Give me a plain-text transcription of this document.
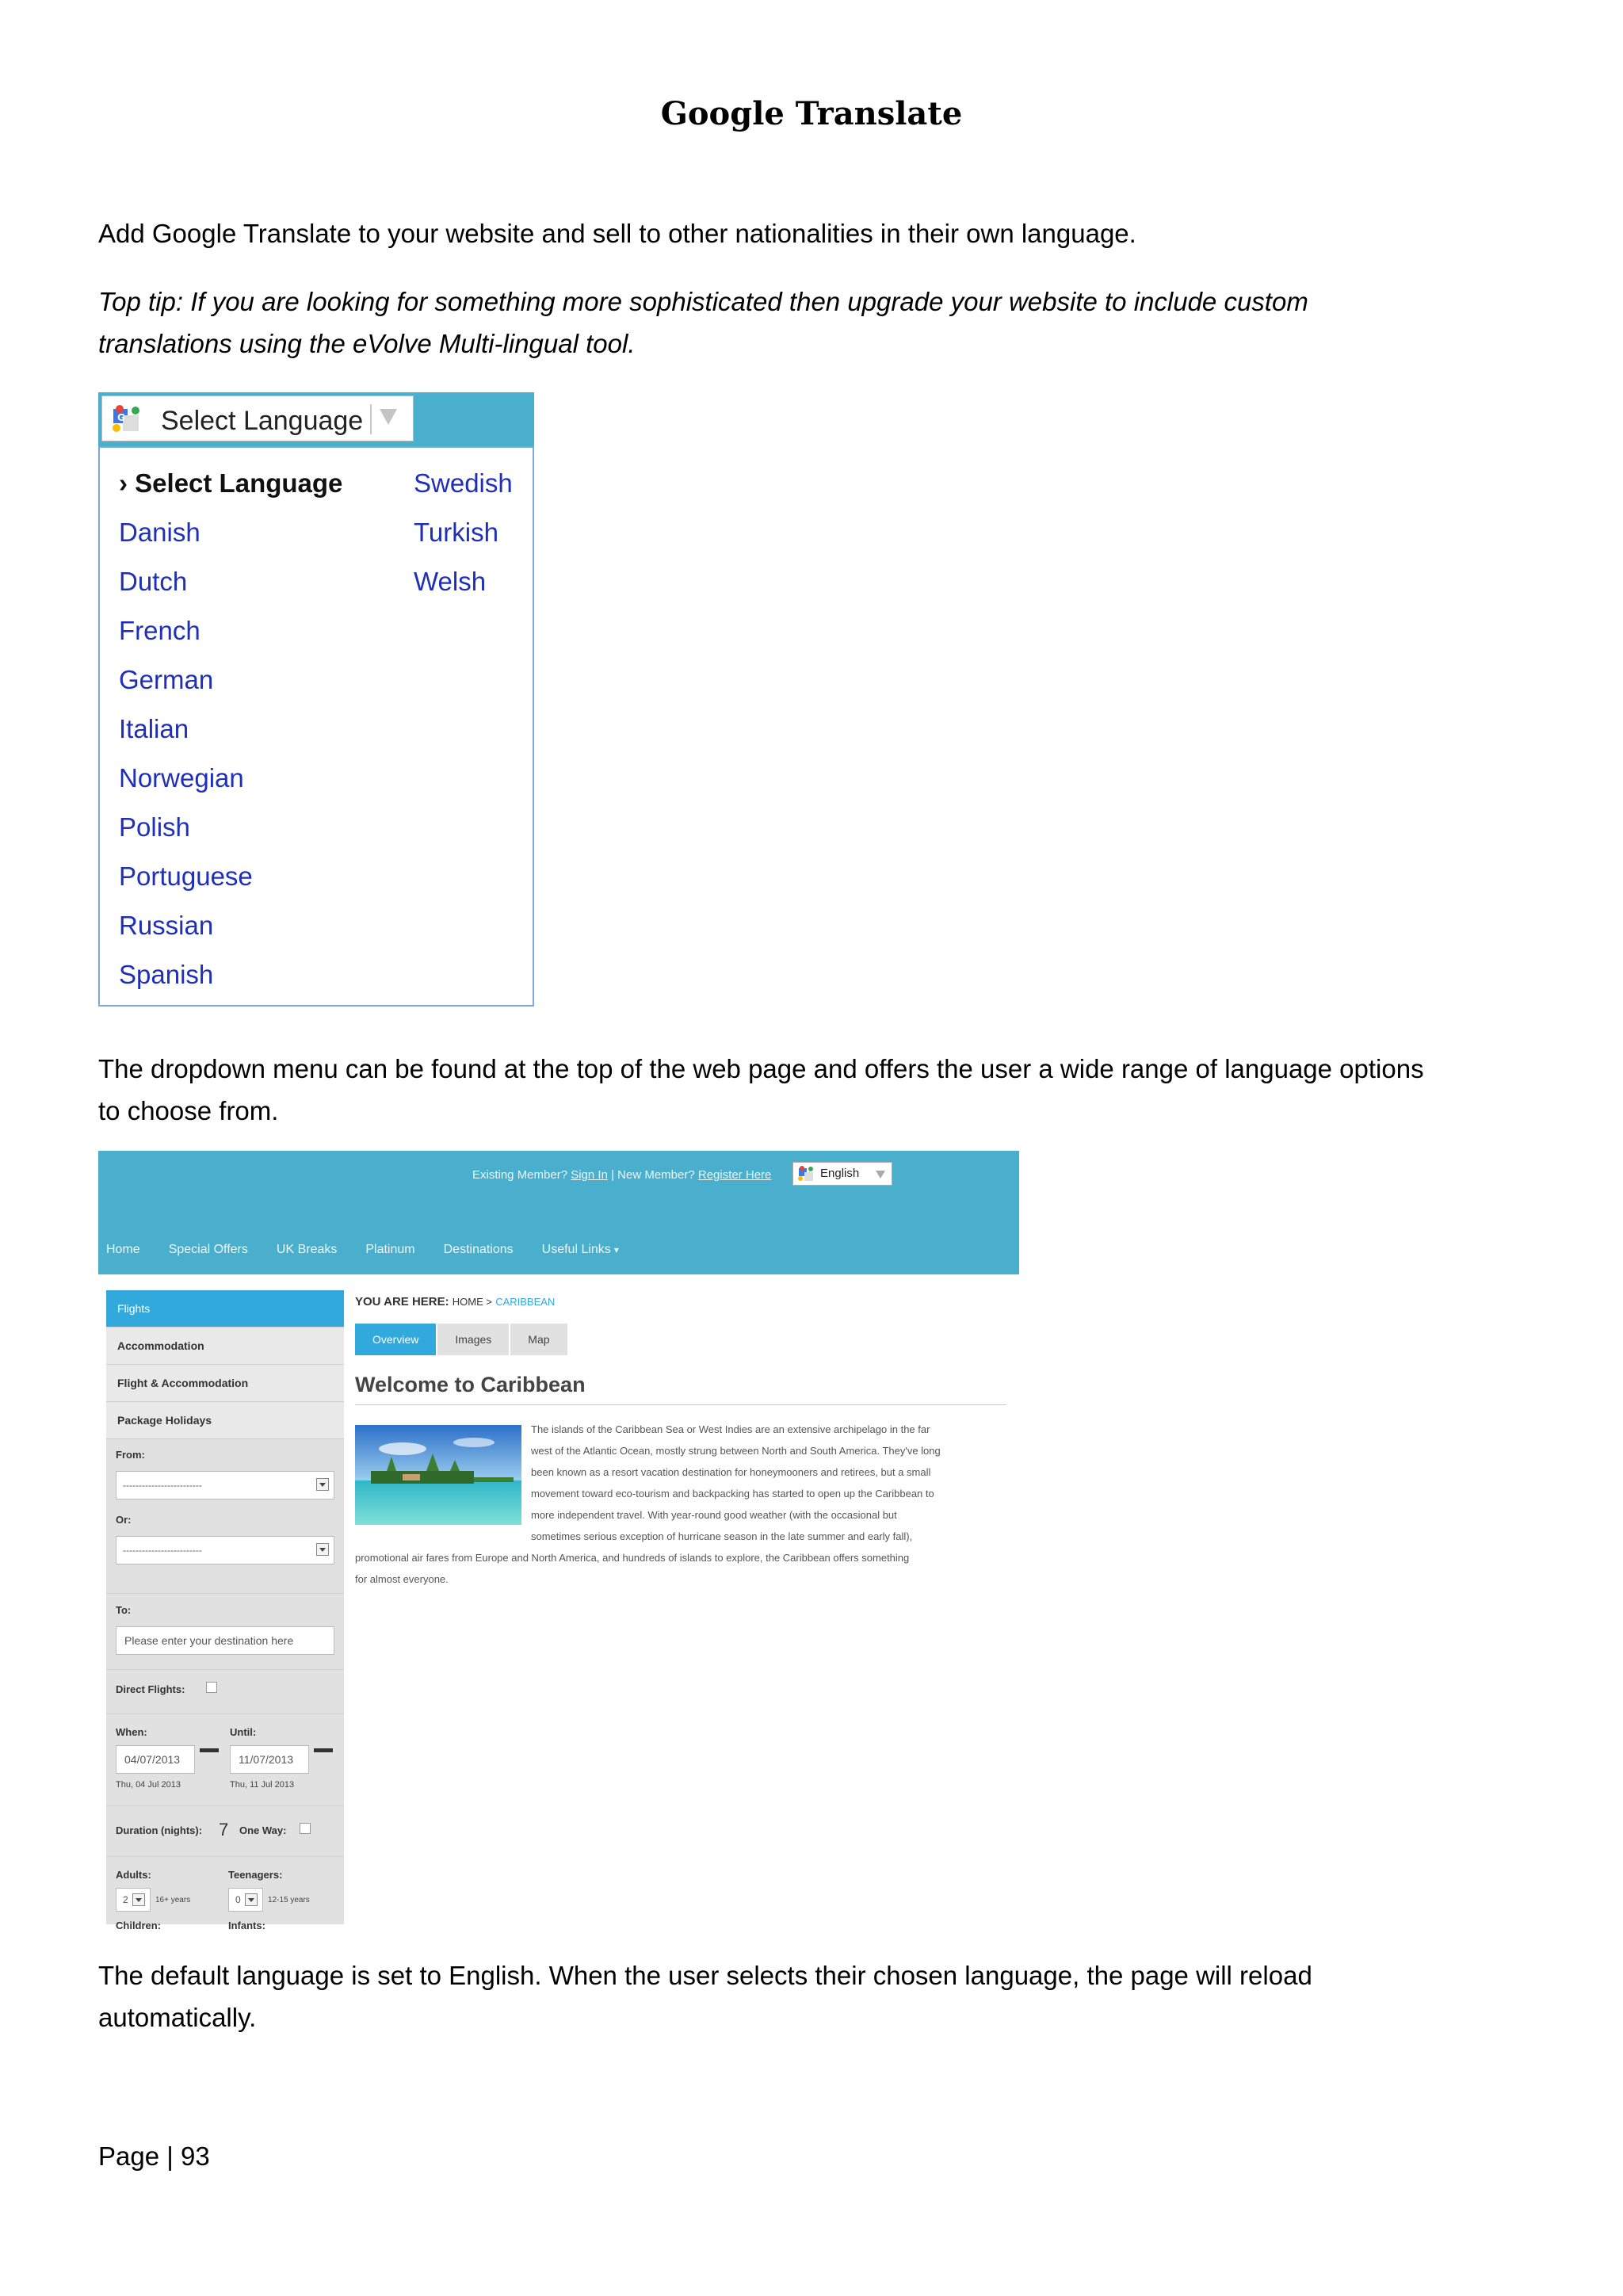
Google Translate
Add Google Translate to your website and sell to other nationalities in their own language.
Top tip: If you are looking for something more sophisticated then upgrade your website to include custom
translations using the eVolve Multi-lingual tool.
G Select Language
› Select Language
Danish
Dutch
French
German
Italian
Norwegian
Polish
Portuguese
Russian
Spanish
Swedish
Turkish
Welsh
The dropdown menu can be found at the top of the web page and offers the user a wide range of language options
to choose from.
Existing Member? Sign In | New Member? Register Here	English
Home Special Offers UK Breaks Platinum Destinations Useful Links ▾
Flights
Accommodation
Flight & Accommodation
Package Holidays
From:
-------------------------
Or:
-------------------------
To:
Please enter your destination here
Direct Flights:
When:	Until:
04/07/2013	11/07/2013
Thu, 04 Jul 2013	Thu, 11 Jul 2013
Duration (nights): 7 One Way:
Adults:	Teenagers:
2	16+ years	0	12-15 years
Children:	Infants:
YOU ARE HERE: HOME > CARIBBEAN
Overview	Images	Map
Welcome to Caribbean
The islands of the Caribbean Sea or West Indies are an extensive archipelago in the far
west of the Atlantic Ocean, mostly strung between North and South America. They've long
been known as a resort vacation destination for honeymooners and retirees, but a small
movement toward eco-tourism and backpacking has started to open up the Caribbean to
more independent travel. With year-round good weather (with the occasional but
sometimes serious exception of hurricane season in the late summer and early fall),
promotional air fares from Europe and North America, and hundreds of islands to explore, the Caribbean offers something
for almost everyone.
The default language is set to English. When the user selects their chosen language, the page will reload
automatically.
Page | 93
